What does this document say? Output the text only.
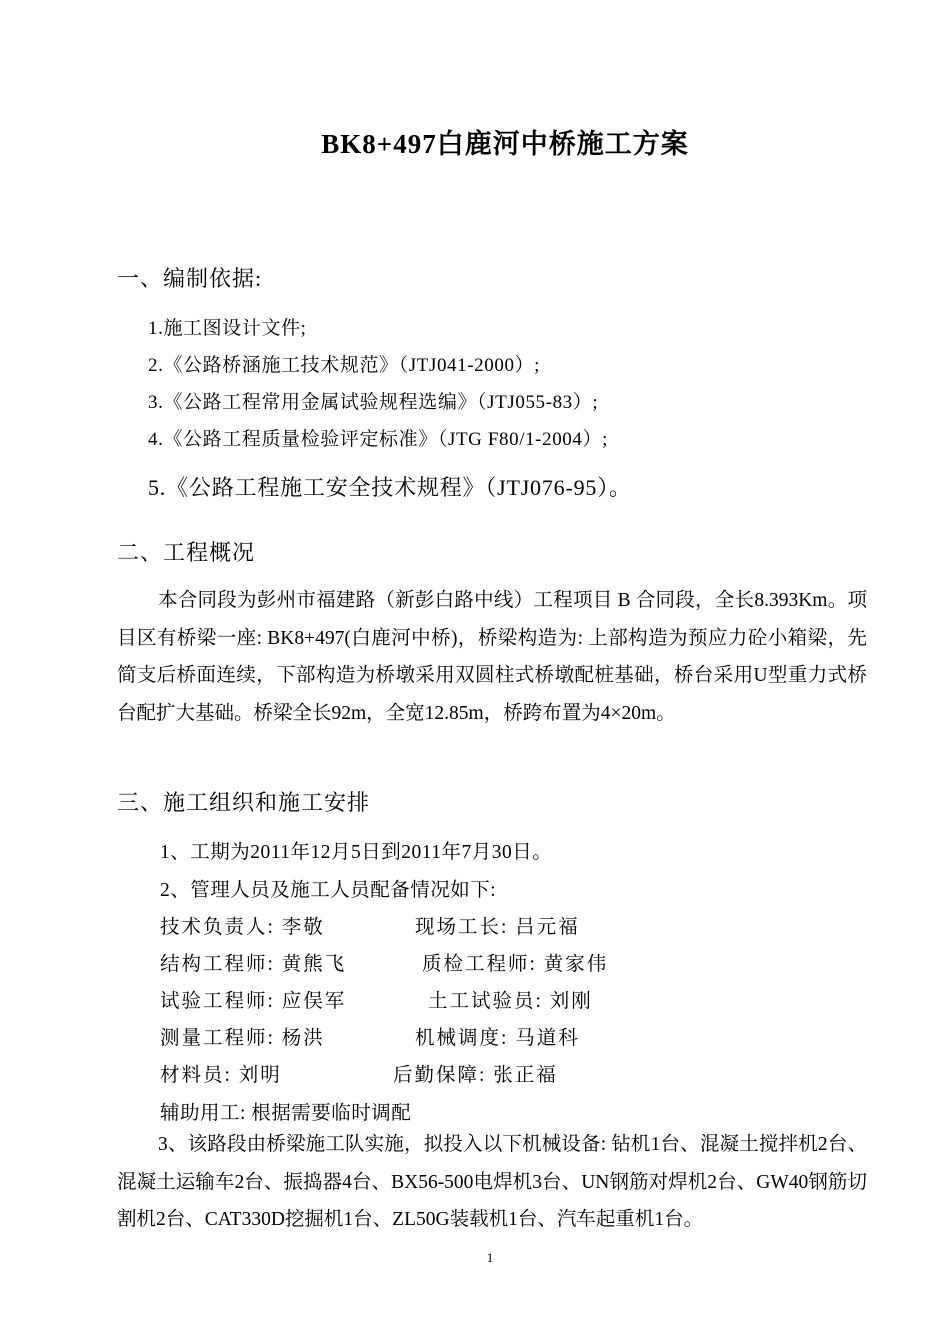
BK8+497白鹿河中桥施工方案
一、编制依据:
1.施工图设计文件;
2.《公路桥涵施工技术规范》（JTJ041-2000）;
3.《公路工程常用金属试验规程选编》（JTJ055-83）;
4.《公路工程质量检验评定标准》（JTG F80/1-2004）;
5.《公路工程施工安全技术规程》（JTJ076-95）。
二、工程概况
本合同段为彭州市福建路（新彭白路中线）工程项目 B 合同段，全长8.393Km。项目区有桥梁一座: BK8+497(白鹿河中桥)，桥梁构造为: 上部构造为预应力砼小箱梁，先简支后桥面连续，下部构造为桥墩采用双圆柱式桥墩配桩基础，桥台采用U型重力式桥台配扩大基础。桥梁全长92m，全宽12.85m，桥跨布置为4×20m。
三、施工组织和施工安排
1、工期为2011年12月5日到2011年7月30日。
2、管理人员及施工人员配备情况如下:
技术负责人: 李敬	现场工长: 吕元福
结构工程师: 黄熊飞	质检工程师: 黄家伟
试验工程师: 应俣军	土工试验员: 刘刚
测量工程师: 杨洪	机械调度: 马道科
材料员: 刘明	后勤保障: 张正福
辅助用工: 根据需要临时调配
3、该路段由桥梁施工队实施，拟投入以下机械设备: 钻机1台、混凝土搅拌机2台、混凝土运输车2台、振捣器4台、BX56-500电焊机3台、UN钢筋对焊机2台、GW40钢筋切割机2台、CAT330D挖掘机1台、ZL50G装载机1台、汽车起重机1台。
1
